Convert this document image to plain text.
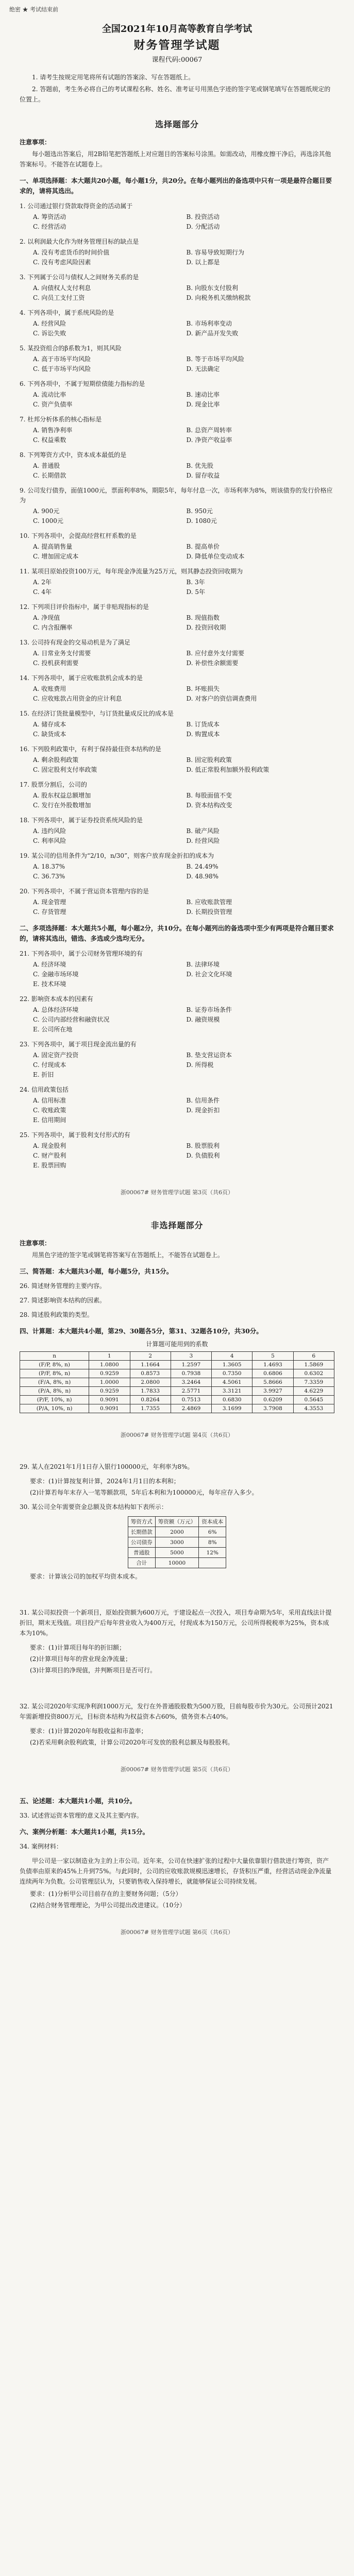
绝密 ★ 考试结束前
全国2021年10月高等教育自学考试
财务管理学试题
课程代码:00067
1. 请考生按规定用笔将所有试题的答案涂、写在答题纸上。
2. 答题前，考生务必将自己的考试课程名称、姓名、准考证号用黑色字迹的签字笔或钢笔填写在答题纸规定的位置上。
选择题部分
注意事项：
每小题选出答案后，用2B铅笔把答题纸上对应题目的答案标号涂黑。如需改动，用橡皮擦干净后，再选涂其他答案标号。不能答在试题卷上。
一、单项选择题：本大题共20小题，每小题1分，共20分。在每小题列出的备选项中只有一项是最符合题目要求的，请将其选出。
1. 公司通过银行贷款取得资金的活动属于
A. 筹资活动	B. 投资活动
C. 经营活动	D. 分配活动
2. 以利润最大化作为财务管理目标的缺点是
A. 没有考虑货币的时间价值	B. 容易导致短期行为
C. 没有考虑风险因素	D. 以上都是
3. 下列属于公司与债权人之间财务关系的是
A. 向债权人支付利息	B. 向股东支付股利
C. 向员工支付工资	D. 向税务机关缴纳税款
4. 下列各项中，属于系统风险的是
A. 经营风险	B. 市场利率变动
C. 诉讼失败	D. 新产品开发失败
5. 某投资组合的β系数为1，则其风险
A. 高于市场平均风险	B. 等于市场平均风险
C. 低于市场平均风险	D. 无法确定
6. 下列各项中，不属于短期偿债能力指标的是
A. 流动比率	B. 速动比率
C. 资产负债率	D. 现金比率
7. 杜邦分析体系的核心指标是
A. 销售净利率	B. 总资产周转率
C. 权益乘数	D. 净资产收益率
8. 下列筹资方式中，资本成本最低的是
A. 普通股	B. 优先股
C. 长期借款	D. 留存收益
9. 公司发行债券，面值1000元，票面利率8%，期限5年，每年付息一次，市场利率为8%，则该债券的发行价格应为
A. 900元	B. 950元
C. 1000元	D. 1080元
10. 下列各项中，会提高经营杠杆系数的是
A. 提高销售量	B. 提高单价
C. 增加固定成本	D. 降低单位变动成本
11. 某项目原始投资100万元，每年现金净流量为25万元，则其静态投资回收期为
A. 2年	B. 3年
C. 4年	D. 5年
12. 下列项目评价指标中，属于非贴现指标的是
A. 净现值	B. 现值指数
C. 内含报酬率	D. 投资回收期
13. 公司持有现金的交易动机是为了满足
A. 日常业务支付需要	B. 应付意外支付需要
C. 投机获利需要	D. 补偿性余额需要
14. 下列各项中，属于应收账款机会成本的是
A. 收账费用	B. 坏账损失
C. 应收账款占用资金的应计利息	D. 对客户的资信调查费用
15. 在经济订货批量模型中，与订货批量成反比的成本是
A. 储存成本	B. 订货成本
C. 缺货成本	D. 购置成本
16. 下列股利政策中，有利于保持最佳资本结构的是
A. 剩余股利政策	B. 固定股利政策
C. 固定股利支付率政策	D. 低正常股利加额外股利政策
17. 股票分割后，公司的
A. 股东权益总额增加	B. 每股面值不变
C. 发行在外股数增加	D. 资本结构改变
18. 下列各项中，属于证券投资系统风险的是
A. 违约风险	B. 破产风险
C. 利率风险	D. 经营风险
19. 某公司的信用条件为“2/10，n/30”，则客户放弃现金折扣的成本为
A. 18.37%	B. 24.49%
C. 36.73%	D. 48.98%
20. 下列各项中，不属于营运资本管理内容的是
A. 现金管理	B. 应收账款管理
C. 存货管理	D. 长期投资管理
二、多项选择题：本大题共5小题，每小题2分，共10分。在每小题列出的备选项中至少有两项是符合题目要求的，请将其选出，错选、多选或少选均无分。
21. 下列各项中，属于公司财务管理环境的有
A. 经济环境	B. 法律环境
C. 金融市场环境	D. 社会文化环境
E. 技术环境
22. 影响资本成本的因素有
A. 总体经济环境	B. 证券市场条件
C. 公司内部经营和融资状况	D. 融资规模
E. 公司所在地
23. 下列各项中，属于项目现金流出量的有
A. 固定资产投资	B. 垫支营运资本
C. 付现成本	D. 所得税
E. 折旧
24. 信用政策包括
A. 信用标准	B. 信用条件
C. 收账政策	D. 现金折扣
E. 信用期间
25. 下列各项中，属于股利支付形式的有
A. 现金股利	B. 股票股利
C. 财产股利	D. 负债股利
E. 股票回购
浙00067# 财务管理学试题 第3页（共6页）
非选择题部分
注意事项：
用黑色字迹的签字笔或钢笔将答案写在答题纸上，不能答在试题卷上。
三、简答题：本大题共3小题，每小题5分，共15分。
26. 简述财务管理的主要内容。
27. 简述影响资本结构的因素。
28. 简述股利政策的类型。
四、计算题：本大题共4小题，第29、30题各5分，第31、32题各10分，共30分。
计算题可能用到的系数
n	1	2	3	4	5	6
(F/P, 8%, n)	1.0800	1.1664	1.2597	1.3605	1.4693	1.5869
(P/F, 8%, n)	0.9259	0.8573	0.7938	0.7350	0.6806	0.6302
(F/A, 8%, n)	1.0000	2.0800	3.2464	4.5061	5.8666	7.3359
(P/A, 8%, n)	0.9259	1.7833	2.5771	3.3121	3.9927	4.6229
(P/F, 10%, n)	0.9091	0.8264	0.7513	0.6830	0.6209	0.5645
(P/A, 10%, n)	0.9091	1.7355	2.4869	3.1699	3.7908	4.3553
浙00067# 财务管理学试题 第4页（共6页）
29. 某人在2021年1月1日存入银行100000元，年利率为8%。
要求：(1)计算按复利计算，2024年1月1日的本利和；
(2)计算若每年末存入一笔等额款项，5年后本利和为100000元，每年应存入多少。
30. 某公司全年需要资金总额及资本结构如下表所示：
筹资方式	筹资额（万元）	资本成本
长期借款	2000	6%
公司债券	3000	8%
普通股	5000	12%
合计	10000	
要求：计算该公司的加权平均资本成本。
31. 某公司拟投资一个新项目，原始投资额为600万元，于建设起点一次投入，项目寿命期为5年，采用直线法计提折旧，期末无残值。项目投产后每年营业收入为400万元，付现成本为150万元，公司所得税税率为25%，资本成本为10%。
要求：(1)计算项目每年的折旧额；
(2)计算项目每年的营业现金净流量；
(3)计算项目的净现值，并判断项目是否可行。
32. 某公司2020年实现净利润1000万元，发行在外普通股股数为500万股，目前每股市价为30元。公司预计2021年需新增投资800万元，目标资本结构为权益资本占60%，债务资本占40%。
要求：(1)计算2020年每股收益和市盈率；
(2)若采用剩余股利政策，计算公司2020年可发放的股利总额及每股股利。
浙00067# 财务管理学试题 第5页（共6页）
五、论述题：本大题共1小题，共10分。
33. 试述营运资本管理的意义及其主要内容。
六、案例分析题：本大题共1小题，共15分。
34. 案例材料：
甲公司是一家以制造业为主的上市公司。近年来，公司在快速扩张的过程中大量依靠银行借款进行筹资，资产负债率由原来的45%上升到75%。与此同时，公司的应收账款规模迅速增长，存货积压严重，经营活动现金净流量连续两年为负数。公司管理层认为，只要销售收入保持增长，就能够保证公司持续发展。
要求：(1)分析甲公司目前存在的主要财务问题；（5分）
(2)结合财务管理理论，为甲公司提出改进建议。（10分）
浙00067# 财务管理学试题 第6页（共6页）
